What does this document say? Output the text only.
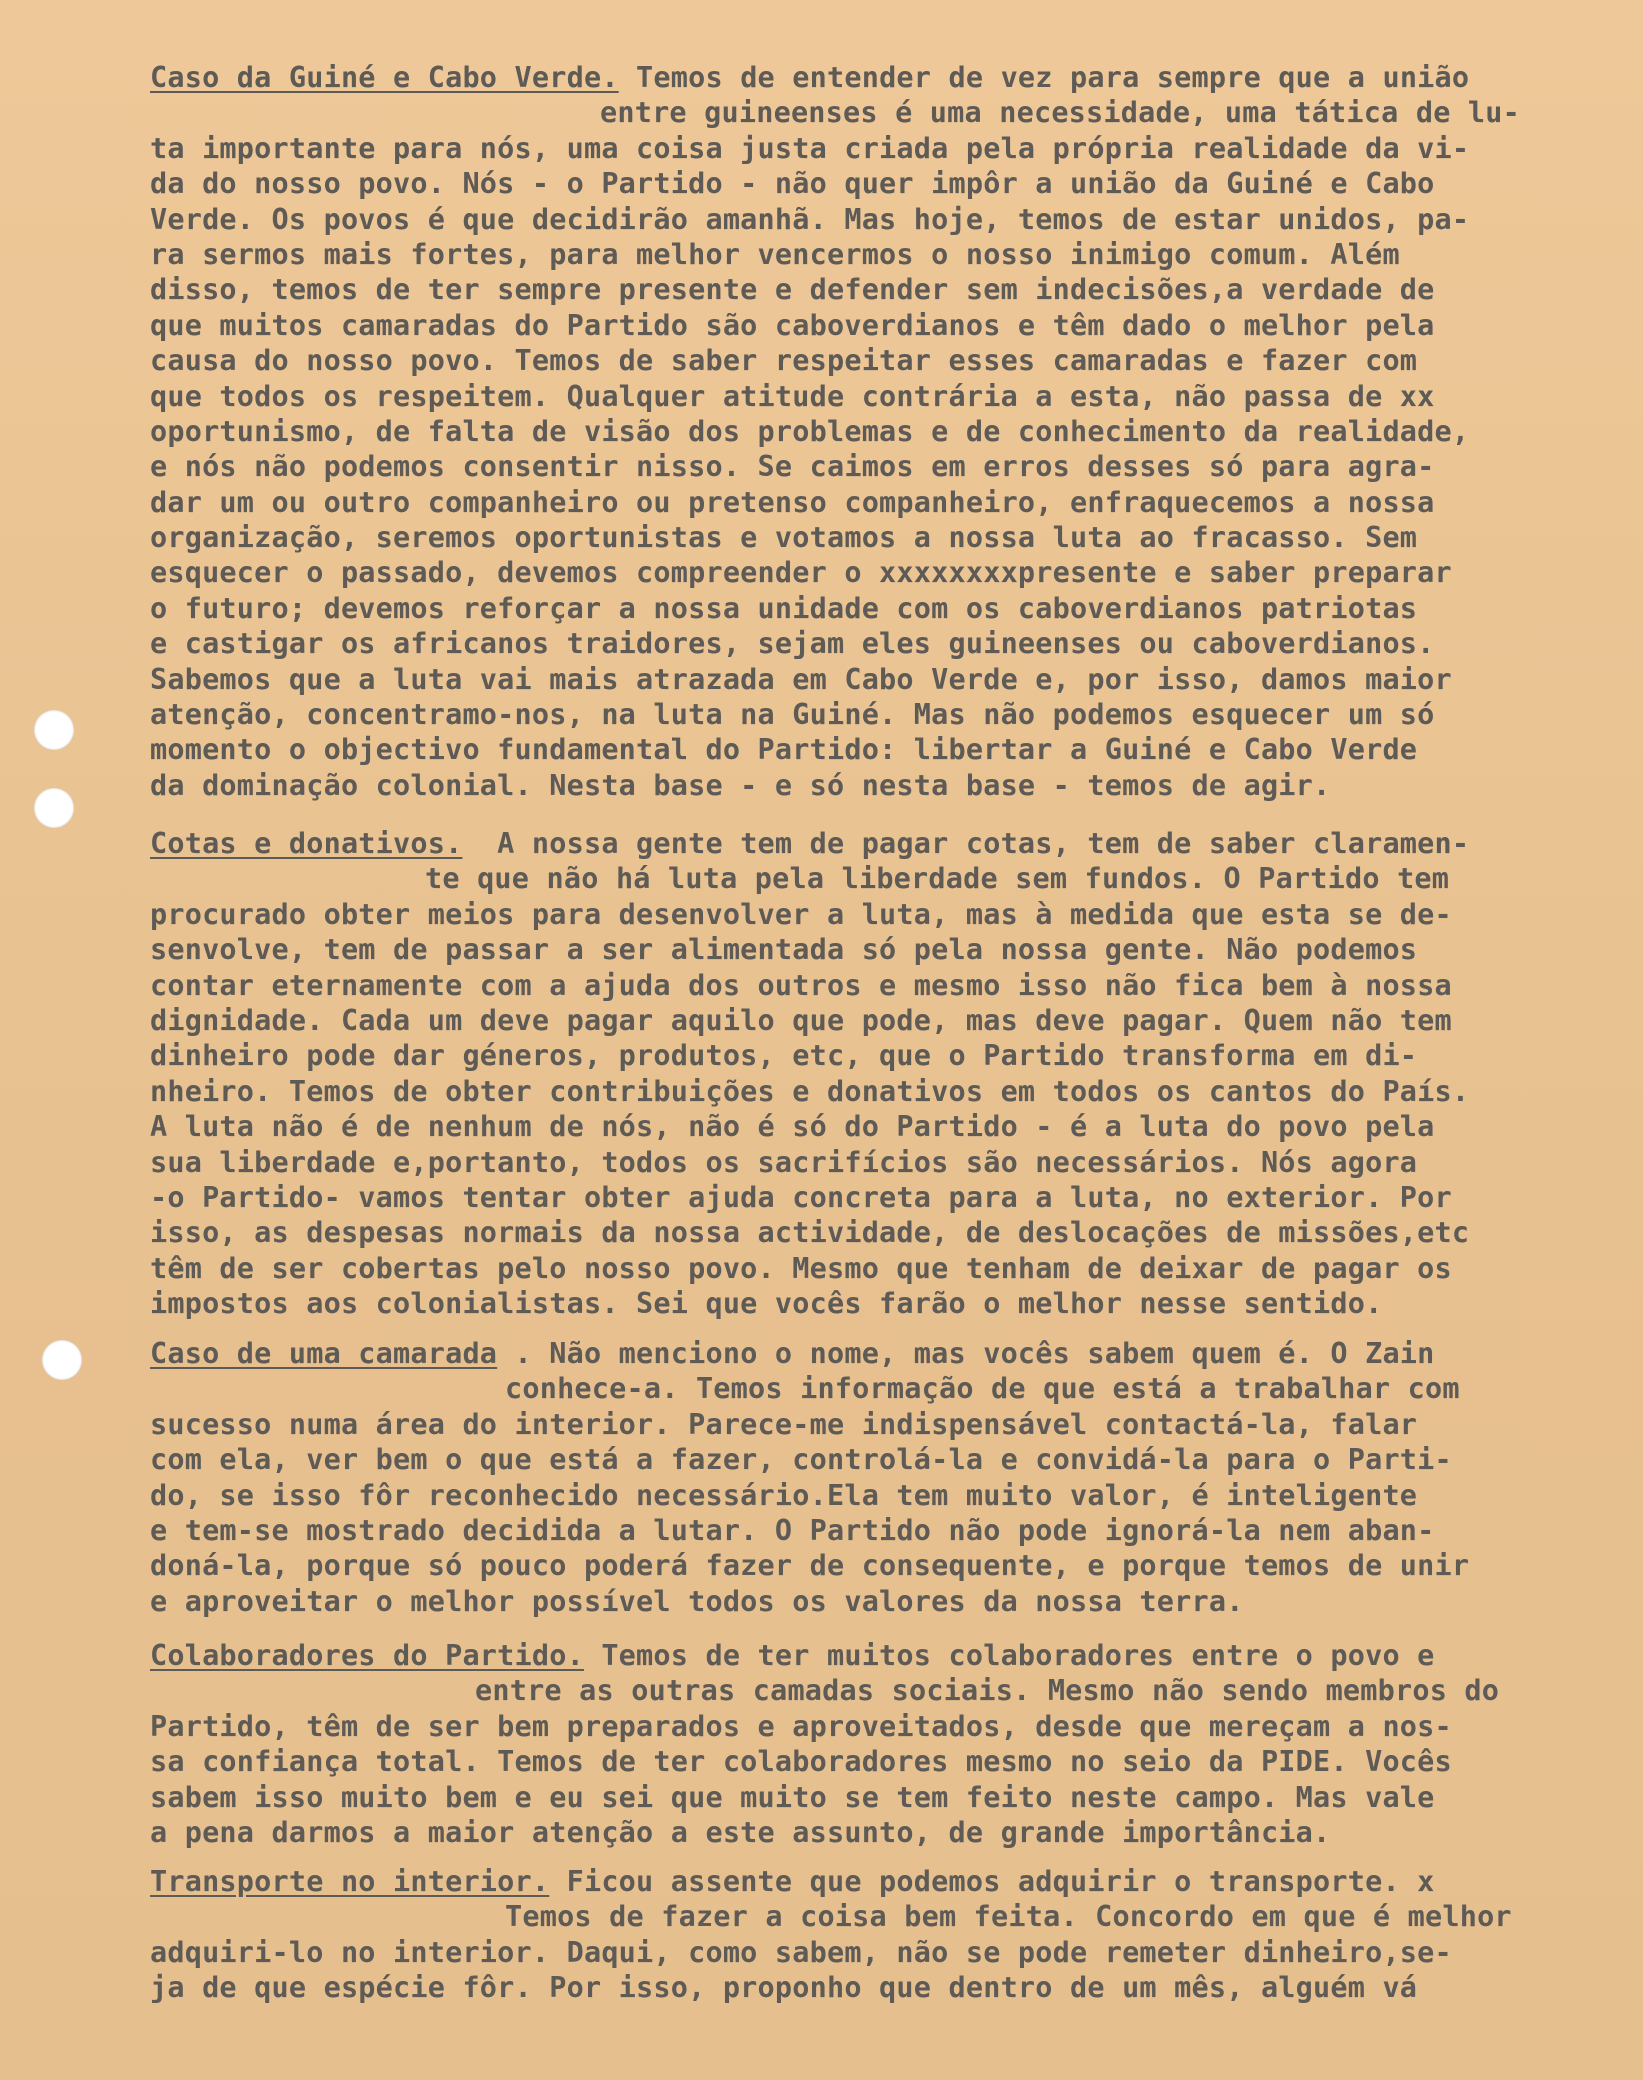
Caso da Guiné e Cabo Verde. Temos de entender de vez para sempre que a união
entre guineenses é uma necessidade, uma tática de lu-
ta importante para nós, uma coisa justa criada pela própria realidade da vi-
da do nosso povo. Nós - o Partido - não quer impôr a união da Guiné e Cabo
Verde. Os povos é que decidirão amanhã. Mas hoje, temos de estar unidos, pa-
ra sermos mais fortes, para melhor vencermos o nosso inimigo comum. Além
disso, temos de ter sempre presente e defender sem indecisões,a verdade de
que muitos camaradas do Partido são caboverdianos e têm dado o melhor pela
causa do nosso povo. Temos de saber respeitar esses camaradas e fazer com
que todos os respeitem. Qualquer atitude contrária a esta, não passa de xx
oportunismo, de falta de visão dos problemas e de conhecimento da realidade,
e nós não podemos consentir nisso. Se caimos em erros desses só para agra-
dar um ou outro companheiro ou pretenso companheiro, enfraquecemos a nossa
organização, seremos oportunistas e votamos a nossa luta ao fracasso. Sem
esquecer o passado, devemos compreender o xxxxxxxxpresente e saber preparar
o futuro; devemos reforçar a nossa unidade com os caboverdianos patriotas
e castigar os africanos traidores, sejam eles guineenses ou caboverdianos.
Sabemos que a luta vai mais atrazada em Cabo Verde e, por isso, damos maior
atenção, concentramo-nos, na luta na Guiné. Mas não podemos esquecer um só
momento o objectivo fundamental do Partido: libertar a Guiné e Cabo Verde
da dominação colonial. Nesta base - e só nesta base - temos de agir.
Cotas e donativos.  A nossa gente tem de pagar cotas, tem de saber claramen-
te que não há luta pela liberdade sem fundos. O Partido tem
procurado obter meios para desenvolver a luta, mas à medida que esta se de-
senvolve, tem de passar a ser alimentada só pela nossa gente. Não podemos
contar eternamente com a ajuda dos outros e mesmo isso não fica bem à nossa
dignidade. Cada um deve pagar aquilo que pode, mas deve pagar. Quem não tem
dinheiro pode dar géneros, produtos, etc, que o Partido transforma em di-
nheiro. Temos de obter contribuições e donativos em todos os cantos do País.
A luta não é de nenhum de nós, não é só do Partido - é a luta do povo pela
sua liberdade e,portanto, todos os sacrifícios são necessários. Nós agora
-o Partido- vamos tentar obter ajuda concreta para a luta, no exterior. Por
isso, as despesas normais da nossa actividade, de deslocações de missões,etc
têm de ser cobertas pelo nosso povo. Mesmo que tenham de deixar de pagar os
impostos aos colonialistas. Sei que vocês farão o melhor nesse sentido.
Caso de uma camarada . Não menciono o nome, mas vocês sabem quem é. O Zain
conhece-a. Temos informação de que está a trabalhar com
sucesso numa área do interior. Parece-me indispensável contactá-la, falar
com ela, ver bem o que está a fazer, controlá-la e convidá-la para o Parti-
do, se isso fôr reconhecido necessário.Ela tem muito valor, é inteligente
e tem-se mostrado decidida a lutar. O Partido não pode ignorá-la nem aban-
doná-la, porque só pouco poderá fazer de consequente, e porque temos de unir
e aproveitar o melhor possível todos os valores da nossa terra.
Colaboradores do Partido. Temos de ter muitos colaboradores entre o povo e
entre as outras camadas sociais. Mesmo não sendo membros do
Partido, têm de ser bem preparados e aproveitados, desde que mereçam a nos-
sa confiança total. Temos de ter colaboradores mesmo no seio da PIDE. Vocês
sabem isso muito bem e eu sei que muito se tem feito neste campo. Mas vale
a pena darmos a maior atenção a este assunto, de grande importância.
Transporte no interior. Ficou assente que podemos adquirir o transporte. x
Temos de fazer a coisa bem feita. Concordo em que é melhor
adquiri-lo no interior. Daqui, como sabem, não se pode remeter dinheiro,se-
ja de que espécie fôr. Por isso, proponho que dentro de um mês, alguém vá
